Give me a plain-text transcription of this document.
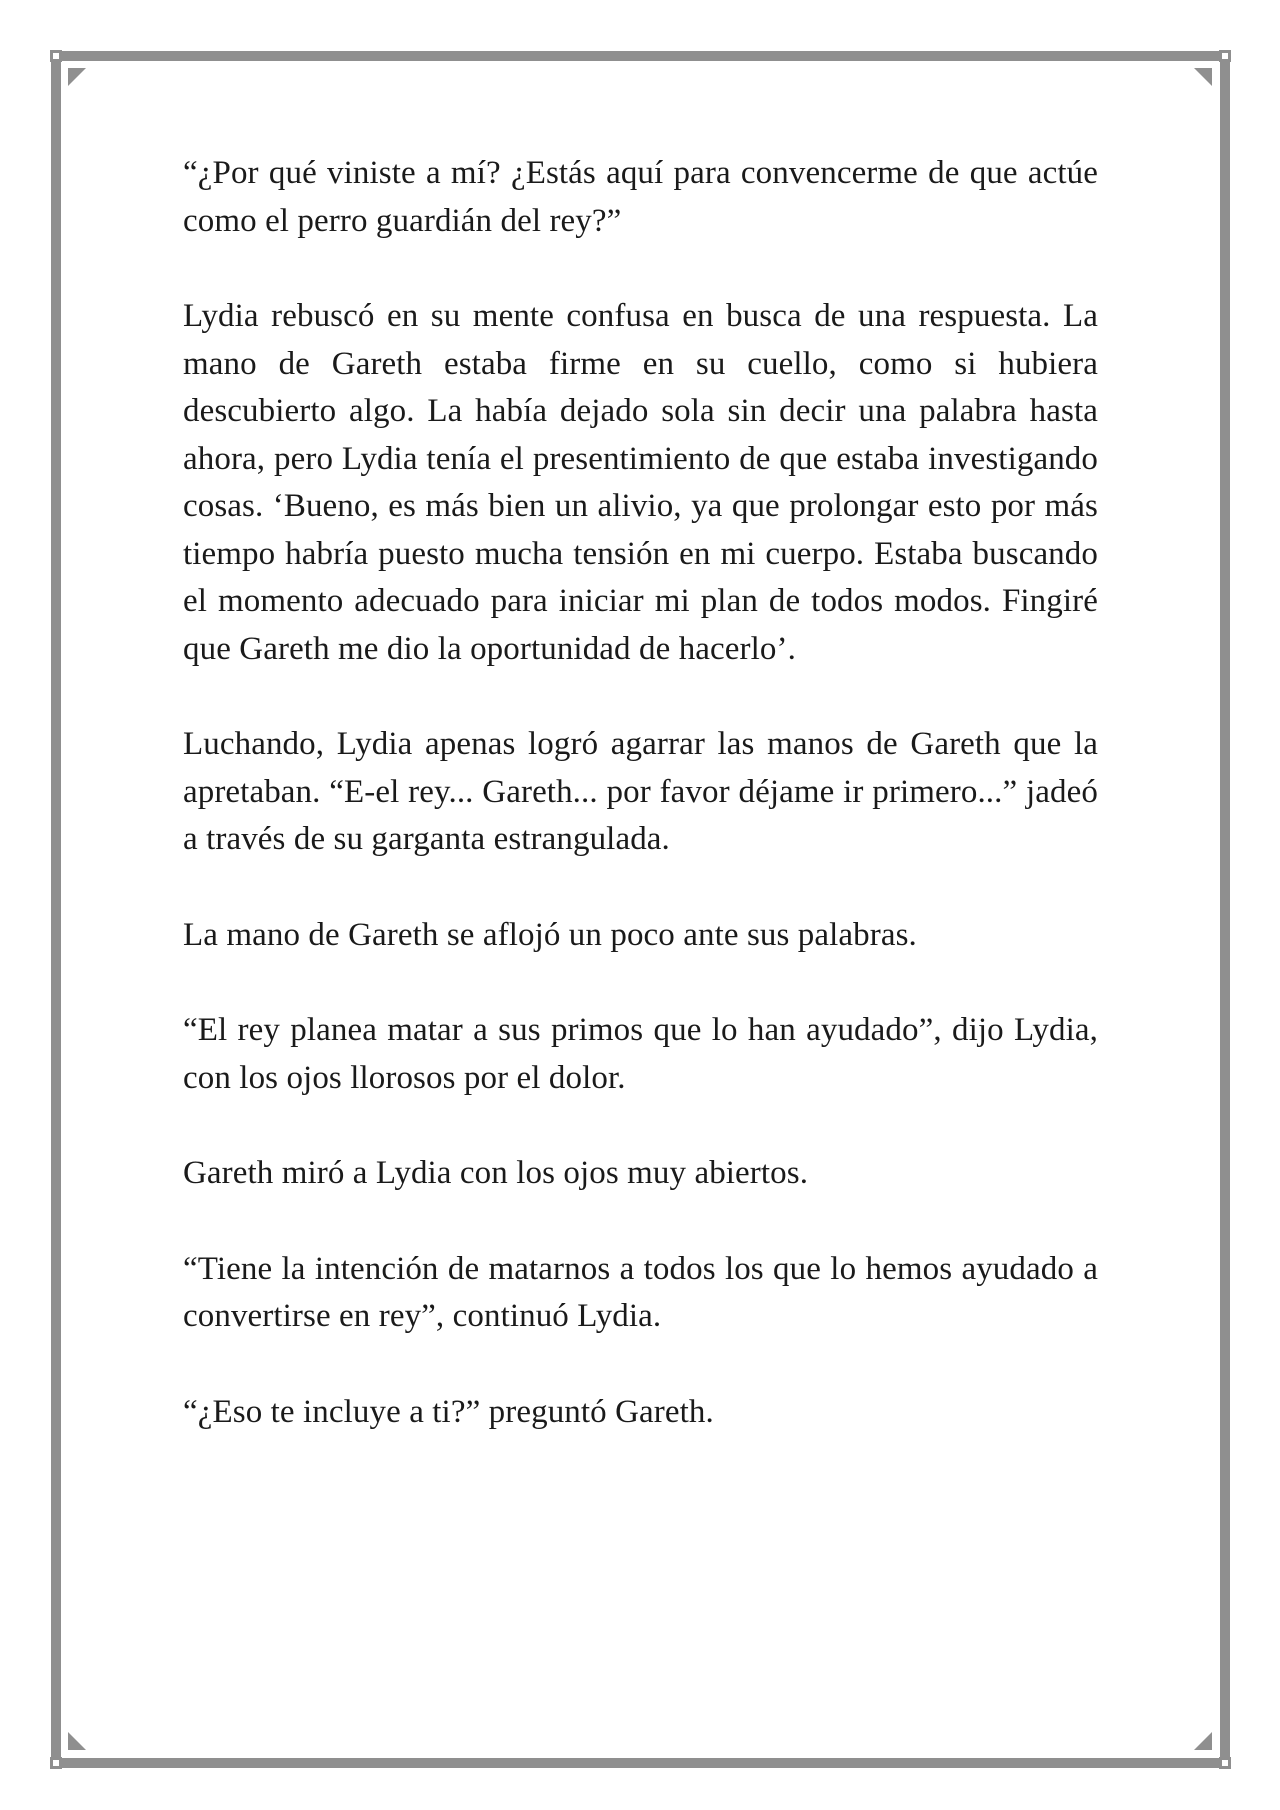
“¿Por qué viniste a mí? ¿Estás aquí para convencerme de que actúe como el perro guardián del rey?”

Lydia rebuscó en su mente confusa en busca de una respuesta. La mano de Gareth estaba firme en su cuello, como si hubiera descubierto algo. La había dejado sola sin decir una palabra hasta ahora, pero Lydia tenía el presentimiento de que estaba investigando cosas. ‘Bueno, es más bien un alivio, ya que prolongar esto por más tiempo habría puesto mucha tensión en mi cuerpo. Estaba buscando el momento adecuado para iniciar mi plan de todos modos. Fingiré que Gareth me dio la oportunidad de hacerlo’.

Luchando, Lydia apenas logró agarrar las manos de Gareth que la apretaban. “E-el rey... Gareth... por favor déjame ir primero...” jadeó a través de su garganta estrangulada.

La mano de Gareth se aflojó un poco ante sus palabras.

“El rey planea matar a sus primos que lo han ayudado”, dijo Lydia, con los ojos llorosos por el dolor.

Gareth miró a Lydia con los ojos muy abiertos.

“Tiene la intención de matarnos a todos los que lo hemos ayudado a convertirse en rey”, continuó Lydia.

“¿Eso te incluye a ti?” preguntó Gareth.
